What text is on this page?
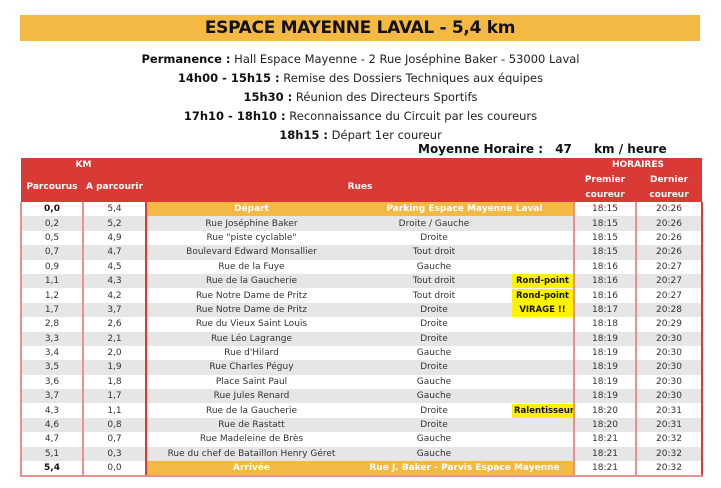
ESPACE MAYENNE LAVAL - 5,4 km
Permanence : Hall Espace Mayenne - 2 Rue Joséphine Baker - 53000 Laval
14h00 - 15h15 : Remise des Dossiers Techniques aux équipes
15h30 : Réunion des Directeurs Sportifs
17h10 - 18h10 : Reconnaissance du Circuit par les coureurs
18h15 : Départ 1er coureur
Moyenne Horaire : 47 km / heure
KM					HORAIRES	
Parcourus	A parcourir	Rues			Premier	Dernier
					coureur	coureur
0,0	5,4	Départ	Parking Espace Mayenne Laval		18:15	20:26
0,2	5,2	Rue Joséphine Baker	Droite / Gauche		18:15	20:26
0,5	4,9	Rue "piste cyclable"	Droite		18:15	20:26
0,7	4,7	Boulevard Edward Monsallier	Tout droit		18:15	20:26
0,9	4,5	Rue de la Fuye	Gauche		18:16	20:27
1,1	4,3	Rue de la Gaucherie	Tout droit	Rond-point	18:16	20:27
1,2	4,2	Rue Notre Dame de Pritz	Tout droit	Rond-point	18:16	20:27
1,7	3,7	Rue Notre Dame de Pritz	Droite	VIRAGE !!	18:17	20:28
2,8	2,6	Rue du Vieux Saint Louis	Droite		18:18	20:29
3,3	2,1	Rue Léo Lagrange	Droite		18:19	20:30
3,4	2,0	Rue d'Hilard	Gauche		18:19	20:30
3,5	1,9	Rue Charles Péguy	Droite		18:19	20:30
3,6	1,8	Place Saint Paul	Gauche		18:19	20:30
3,7	1,7	Rue Jules Renard	Gauche		18:19	20:30
4,3	1,1	Rue de la Gaucherie	Droite	Ralentisseur	18:20	20:31
4,6	0,8	Rue de Rastatt	Droite		18:20	20:31
4,7	0,7	Rue Madeleine de Brès	Gauche		18:21	20:32
5,1	0,3	Rue du chef de Bataillon Henry Géret	Gauche		18:21	20:32
5,4	0,0	Arrivée	Rue J. Baker - Parvis Espace Mayenne		18:21	20:32
